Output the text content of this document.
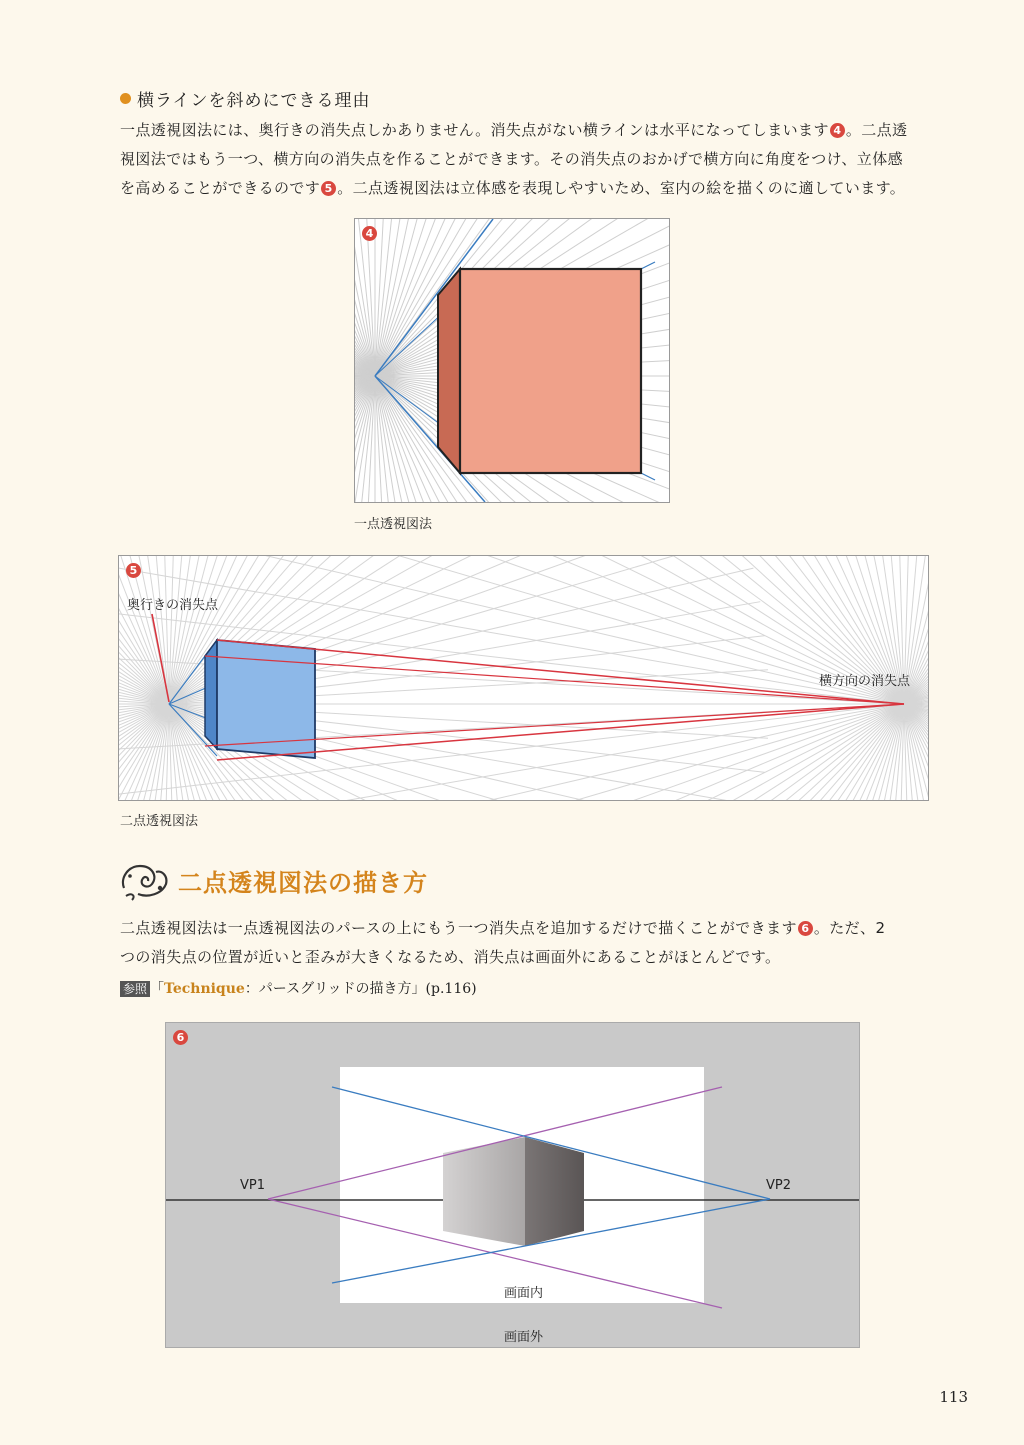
横ラインを斜めにできる理由
一点透視図法には、奥行きの消失点しかありません。消失点がない横ラインは水平になってしまいます 4 。二点透
視図法ではもう一つ、横方向の消失点を作ることができます。その消失点のおかげで横方向に角度をつけ、立体感
を高めることができるのです 5 。二点透視図法は立体感を表現しやすいため、室内の絵を描くのに適しています。
4
一点透視図法
5
奥行きの消失点
横方向の消失点
二点透視図法
二点透視図法の描き方
二点透視図法は一点透視図法のパースの上にもう一つ消失点を追加するだけで描くことができます 6 。ただ、2
つの消失点の位置が近いと歪みが大きくなるため、消失点は画面外にあることがほとんどです。
参照 「Technique：パースグリッドの描き方」(p.116)
6
VP1	VP2
画面内
画面外
113
